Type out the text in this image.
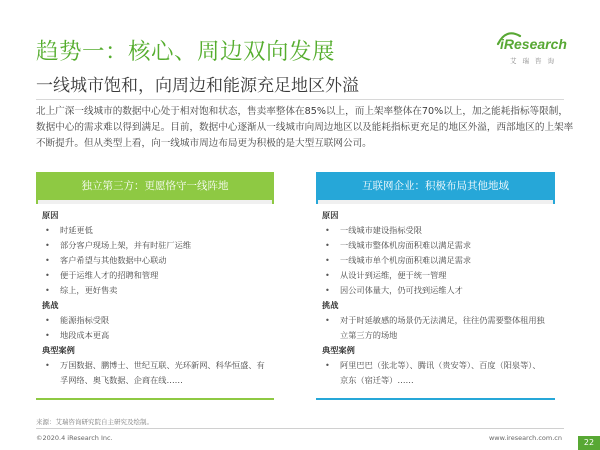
趋势一：核心、周边双向发展
一线城市饱和，向周边和能源充足地区外溢
iResearch
艾瑞咨询
北上广深一线城市的数据中心处于相对饱和状态，售卖率整体在85%以上，而上架率整体在70%以上，加之能耗指标等限制，数据中心的需求难以得到满足。目前，数据中心逐渐从一线城市向周边地区以及能耗指标更充足的地区外溢，西部地区的上架率不断提升。但从类型上看，向一线城市周边布局更为积极的是大型互联网公司。
独立第三方：更愿恪守一线阵地
原因
• 时延更低
• 部分客户现场上架，并有时驻厂运维
• 客户希望与其他数据中心联动
• 便于运维人才的招聘和管理
• 综上，更好售卖
挑战
• 能源指标受限
• 地段成本更高
典型案例
• 万国数据、鹏博士、世纪互联、光环新网、科华恒盛、有孚网络、奥飞数据、企商在线……
互联网企业：积极布局其他地域
原因
• 一线城市建设指标受限
• 一线城市整体机房面积难以满足需求
• 一线城市单个机房面积难以满足需求
• 从设计到运维，便于统一管理
• 因公司体量大，仍可找到运维人才
挑战
• 对于时延敏感的场景仍无法满足，往往仍需要整体租用独立第三方的场地
典型案例
• 阿里巴巴（张北等）、腾讯（贵安等）、百度（阳泉等）、京东（宿迁等）……
来源：艾瑞咨询研究院自主研究及绘制。
©2020.4 iResearch Inc.	www.iresearch.com.cn	22
